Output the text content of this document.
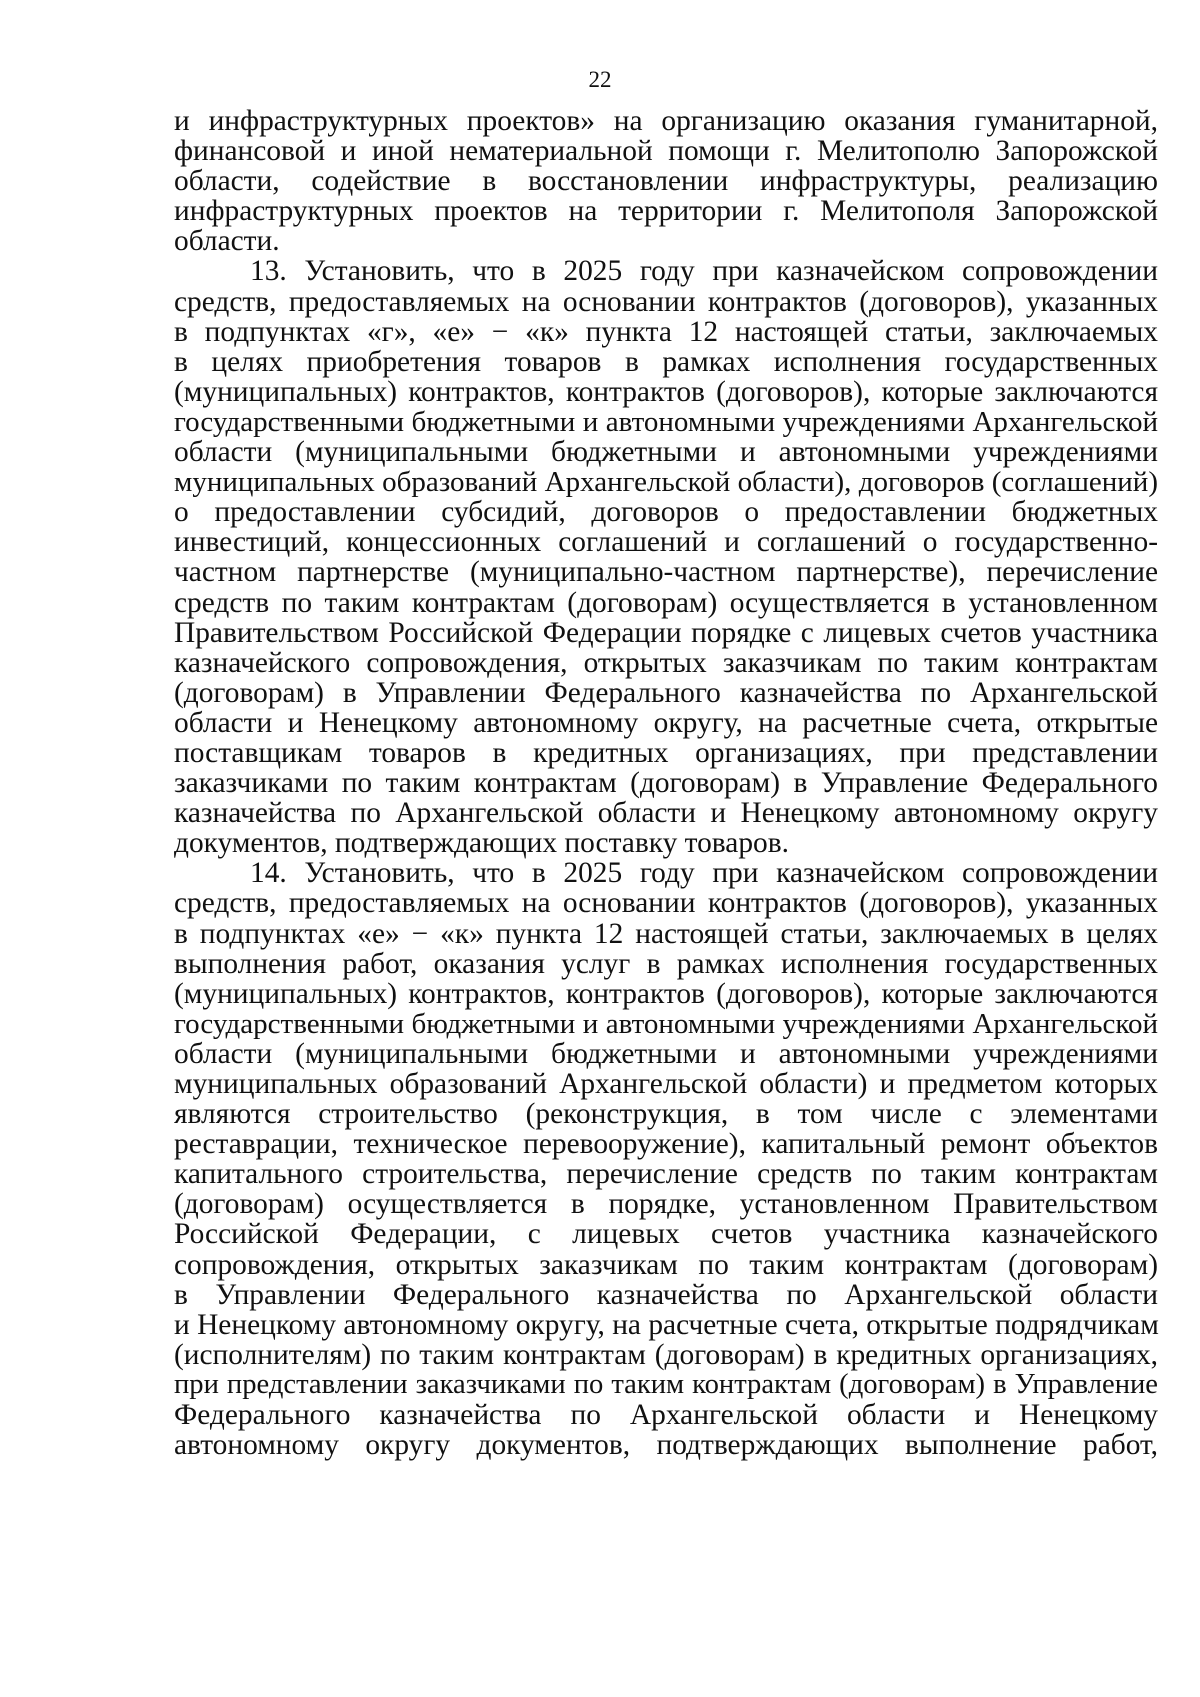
22
и инфраструктурных проектов» на организацию оказания гуманитарной,
финансовой и иной нематериальной помощи г. Мелитополю Запорожской
области, содействие в восстановлении инфраструктуры, реализацию
инфраструктурных проектов на территории г. Мелитополя Запорожской
области.
13. Установить, что в 2025 году при казначейском сопровождении
средств, предоставляемых на основании контрактов (договоров), указанных
в подпунктах «г», «е» − «к» пункта 12 настоящей статьи, заключаемых
в целях приобретения товаров в рамках исполнения государственных
(муниципальных) контрактов, контрактов (договоров), которые заключаются
государственными бюджетными и автономными учреждениями Архангельской
области (муниципальными бюджетными и автономными учреждениями
муниципальных образований Архангельской области), договоров (соглашений)
о предоставлении субсидий, договоров о предоставлении бюджетных
инвестиций, концессионных соглашений и соглашений о государственно-
частном партнерстве (муниципально-частном партнерстве), перечисление
средств по таким контрактам (договорам) осуществляется в установленном
Правительством Российской Федерации порядке с лицевых счетов участника
казначейского сопровождения, открытых заказчикам по таким контрактам
(договорам) в Управлении Федерального казначейства по Архангельской
области и Ненецкому автономному округу, на расчетные счета, открытые
поставщикам товаров в кредитных организациях, при представлении
заказчиками по таким контрактам (договорам) в Управление Федерального
казначейства по Архангельской области и Ненецкому автономному округу
документов, подтверждающих поставку товаров.
14. Установить, что в 2025 году при казначейском сопровождении
средств, предоставляемых на основании контрактов (договоров), указанных
в подпунктах «е» − «к» пункта 12 настоящей статьи, заключаемых в целях
выполнения работ, оказания услуг в рамках исполнения государственных
(муниципальных) контрактов, контрактов (договоров), которые заключаются
государственными бюджетными и автономными учреждениями Архангельской
области (муниципальными бюджетными и автономными учреждениями
муниципальных образований Архангельской области) и предметом которых
являются строительство (реконструкция, в том числе с элементами
реставрации, техническое перевооружение), капитальный ремонт объектов
капитального строительства, перечисление средств по таким контрактам
(договорам) осуществляется в порядке, установленном Правительством
Российской Федерации, с лицевых счетов участника казначейского
сопровождения, открытых заказчикам по таким контрактам (договорам)
в Управлении Федерального казначейства по Архангельской области
и Ненецкому автономному округу, на расчетные счета, открытые подрядчикам
(исполнителям) по таким контрактам (договорам) в кредитных организациях,
при представлении заказчиками по таким контрактам (договорам) в Управление
Федерального казначейства по Архангельской области и Ненецкому
автономному округу документов, подтверждающих выполнение работ,
